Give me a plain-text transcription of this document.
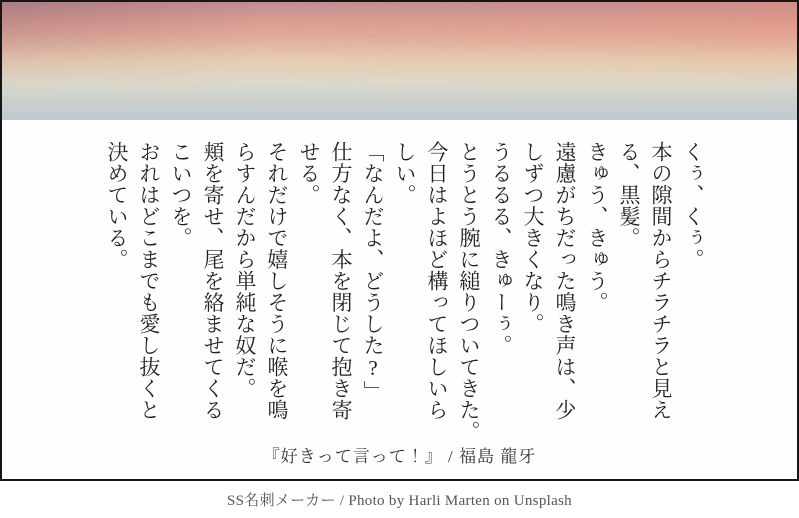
くぅ、くぅ。
本の隙間からチラチラと見え
る、黒髪。
きゅう、きゅう。
遠慮がちだった鳴き声は、少
しずつ大きくなり。
うるるる、きゅーぅ。
とうとう腕に縋りついてきた。
今日はよほど構ってほしいら
しい。
「なんだよ、どうした?」
仕方なく、本を閉じて抱き寄
せる。
それだけで嬉しそうに喉を鳴
らすんだから単純な奴だ。
頬を寄せ、尾を絡ませてくる
こいつを。
おれはどこまでも愛し抜くと
決めている。
『好きって言って！』 / 福島 龍牙
SS名刺メーカー / Photo by Harli Marten on Unsplash
